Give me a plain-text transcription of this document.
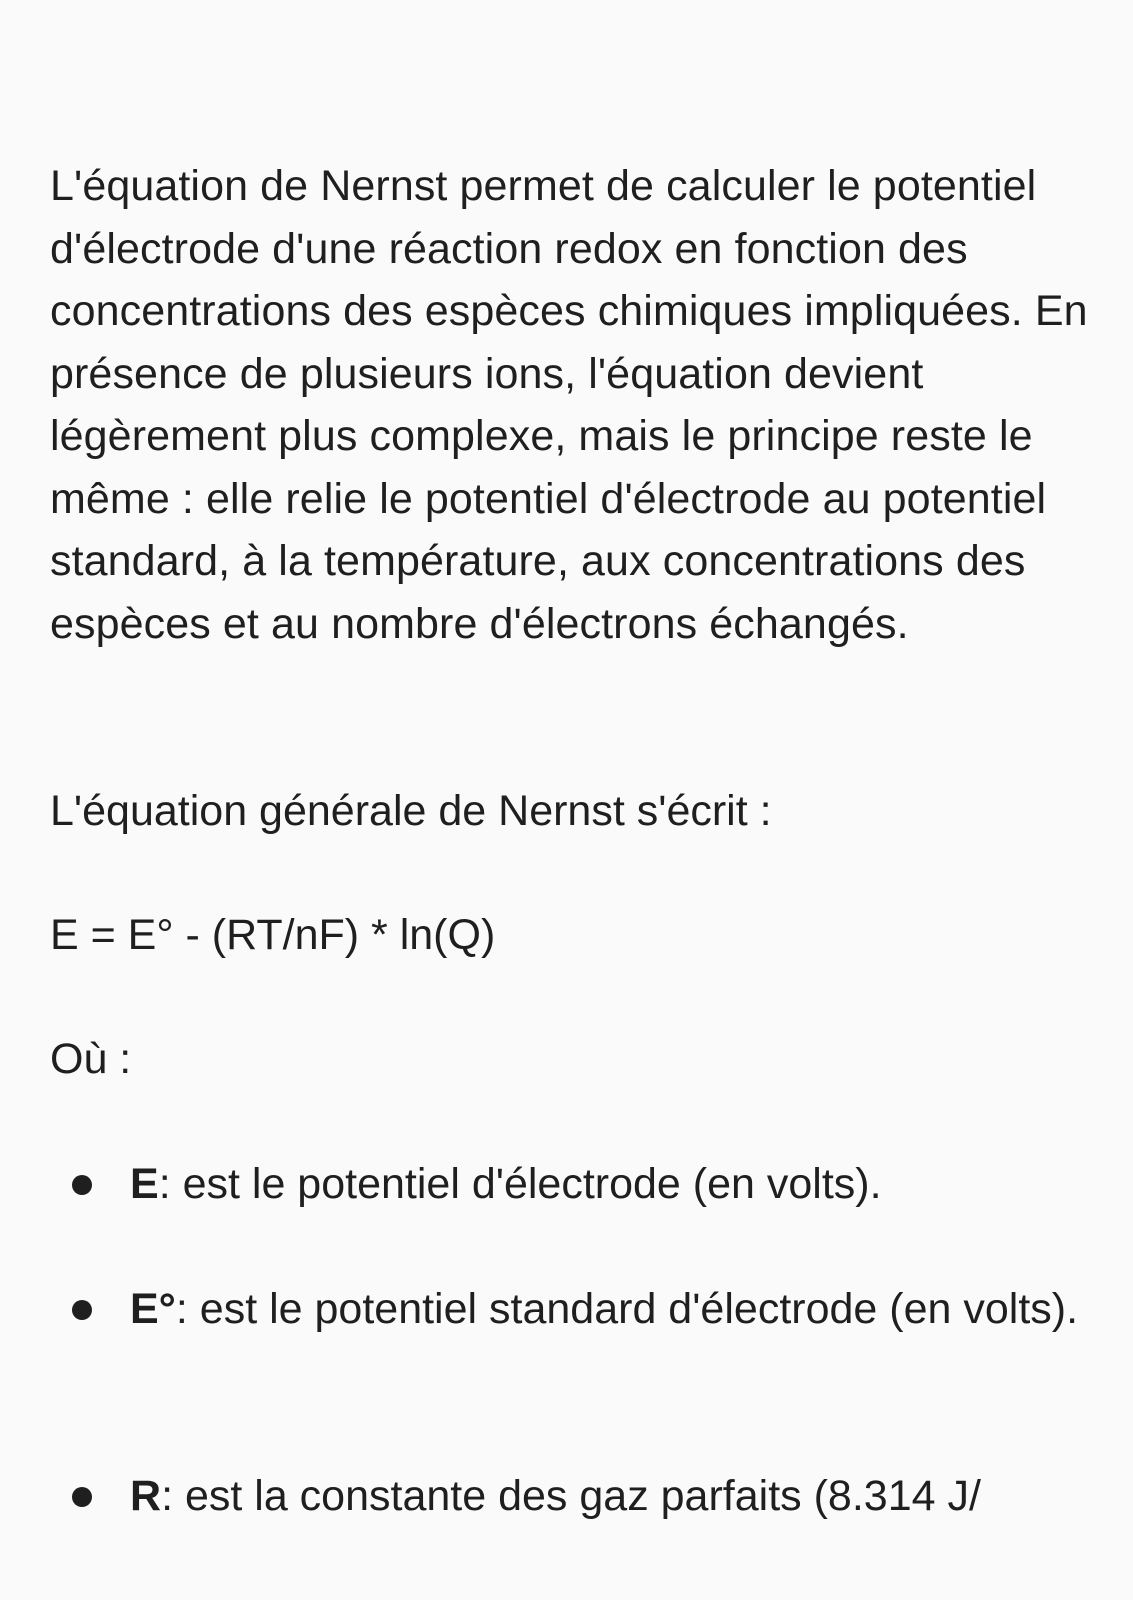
L'équation de Nernst permet de calculer le potentiel d'électrode d'une réaction redox en fonction des concentrations des espèces chimiques impliquées. En présence de plusieurs ions, l'équation devient légèrement plus complexe, mais le principe reste le même : elle relie le potentiel d'électrode au potentiel standard, à la température, aux concentrations des espèces et au nombre d'électrons échangés.

L'équation générale de Nernst s'écrit :

E = E° - (RT/nF) * ln(Q)

Où :

E: est le potentiel d'électrode (en volts).
E°: est le potentiel standard d'électrode (en volts).
R: est la constante des gaz parfaits (8.314 J/
